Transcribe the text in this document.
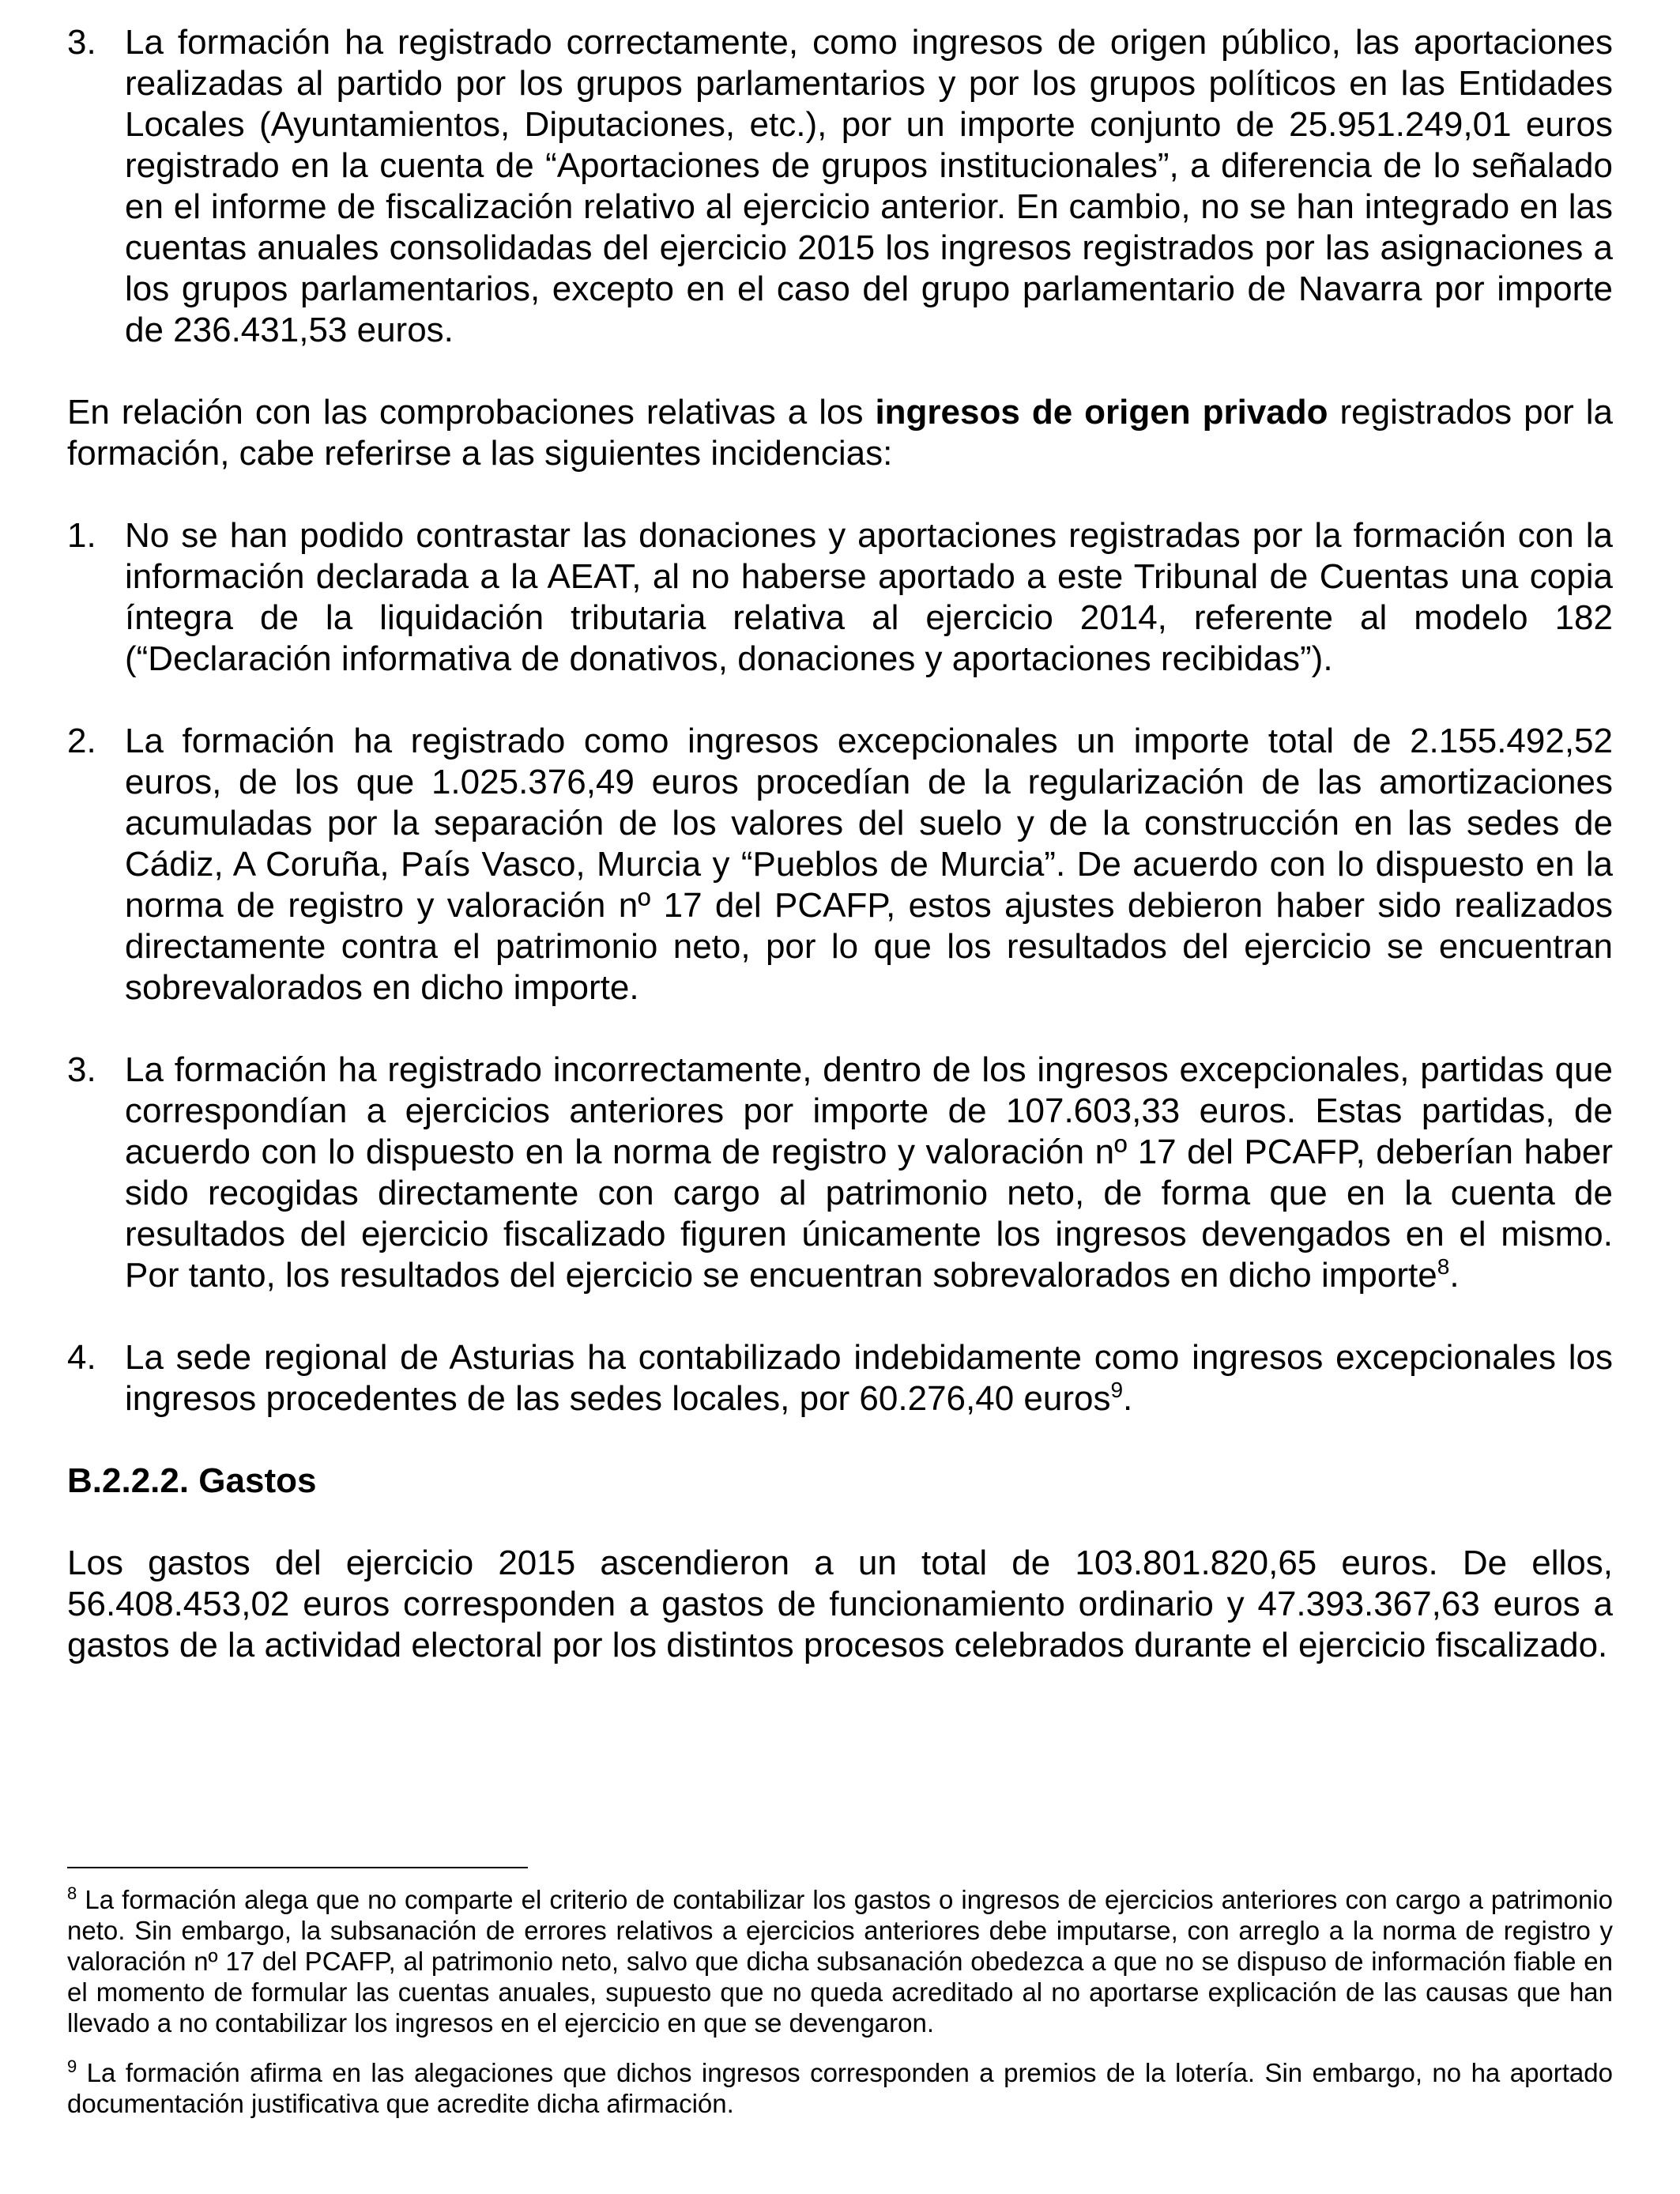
3. La formación ha registrado correctamente, como ingresos de origen público, las aportaciones realizadas al partido por los grupos parlamentarios y por los grupos políticos en las Entidades Locales (Ayuntamientos, Diputaciones, etc.), por un importe conjunto de 25.951.249,01 euros registrado en la cuenta de “Aportaciones de grupos institucionales”, a diferencia de lo señalado en el informe de fiscalización relativo al ejercicio anterior. En cambio, no se han integrado en las cuentas anuales consolidadas del ejercicio 2015 los ingresos registrados por las asignaciones a los grupos parlamentarios, excepto en el caso del grupo parlamentario de Navarra por importe de 236.431,53 euros.

En relación con las comprobaciones relativas a los ingresos de origen privado registrados por la formación, cabe referirse a las siguientes incidencias:

1. No se han podido contrastar las donaciones y aportaciones registradas por la formación con la información declarada a la AEAT, al no haberse aportado a este Tribunal de Cuentas una copia íntegra de la liquidación tributaria relativa al ejercicio 2014, referente al modelo 182 (“Declaración informativa de donativos, donaciones y aportaciones recibidas”).
2. La formación ha registrado como ingresos excepcionales un importe total de 2.155.492,52 euros, de los que 1.025.376,49 euros procedían de la regularización de las amortizaciones acumuladas por la separación de los valores del suelo y de la construcción en las sedes de Cádiz, A Coruña, País Vasco, Murcia y “Pueblos de Murcia”. De acuerdo con lo dispuesto en la norma de registro y valoración nº 17 del PCAFP, estos ajustes debieron haber sido realizados directamente contra el patrimonio neto, por lo que los resultados del ejercicio se encuentran sobrevalorados en dicho importe.
3. La formación ha registrado incorrectamente, dentro de los ingresos excepcionales, partidas que correspondían a ejercicios anteriores por importe de 107.603,33 euros. Estas partidas, de acuerdo con lo dispuesto en la norma de registro y valoración nº 17 del PCAFP, deberían haber sido recogidas directamente con cargo al patrimonio neto, de forma que en la cuenta de resultados del ejercicio fiscalizado figuren únicamente los ingresos devengados en el mismo. Por tanto, los resultados del ejercicio se encuentran sobrevalorados en dicho importe$^8$.
4. La sede regional de Asturias ha contabilizado indebidamente como ingresos excepcionales los ingresos procedentes de las sedes locales, por 60.276,40 euros$^9$.

B.2.2.2. Gastos

Los gastos del ejercicio 2015 ascendieron a un total de 103.801.820,65 euros. De ellos, 56.408.453,02 euros corresponden a gastos de funcionamiento ordinario y 47.393.367,63 euros a gastos de la actividad electoral por los distintos procesos celebrados durante el ejercicio fiscalizado.

$^8$ La formación alega que no comparte el criterio de contabilizar los gastos o ingresos de ejercicios anteriores con cargo a patrimonio neto. Sin embargo, la subsanación de errores relativos a ejercicios anteriores debe imputarse, con arreglo a la norma de registro y valoración nº 17 del PCAFP, al patrimonio neto, salvo que dicha subsanación obedezca a que no se dispuso de información fiable en el momento de formular las cuentas anuales, supuesto que no queda acreditado al no aportarse explicación de las causas que han llevado a no contabilizar los ingresos en el ejercicio en que se devengaron.

$^9$ La formación afirma en las alegaciones que dichos ingresos corresponden a premios de la lotería. Sin embargo, no ha aportado documentación justificativa que acredite dicha afirmación.
